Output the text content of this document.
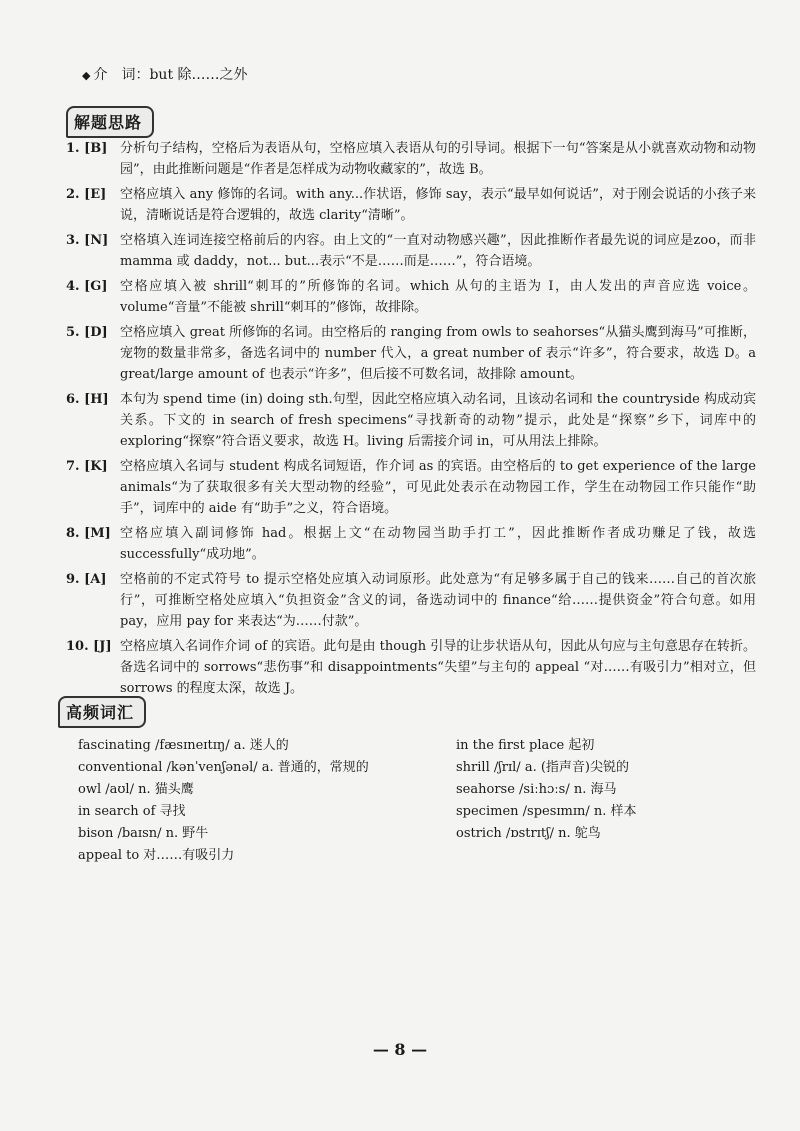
◆ 介　词：but 除……之外
解题思路
1. [B] 分析句子结构，空格后为表语从句，空格应填入表语从句的引导词。根据下一句“答案是从小就喜欢动物和动物园”，由此推断问题是“作者是怎样成为动物收藏家的”，故选 B。
2. [E]	空格应填入 any 修饰的名词。with any...作状语，修饰 say，表示“最早如何说话”，对于刚会说话的小孩子来说，清晰说话是符合逻辑的，故选 clarity“清晰”。
3. [N] 空格填入连词连接空格前后的内容。由上文的“一直对动物感兴趣”，因此推断作者最先说的词应是zoo，而非 mamma 或 daddy，not... but...表示“不是……而是……”，符合语境。
4. [G] 空格应填入被 shrill“刺耳的”所修饰的名词。which 从句的主语为 I，由人发出的声音应选 voice。volume“音量”不能被 shrill“刺耳的”修饰，故排除。
5. [D] 空格应填入 great 所修饰的名词。由空格后的 ranging from owls to seahorses“从猫头鹰到海马”可推断，宠物的数量非常多，备选名词中的 number 代入，a great number of 表示“许多”，符合要求，故选 D。a great/large amount of 也表示“许多”，但后接不可数名词，故排除 amount。
6. [H] 本句为 spend time (in) doing sth.句型，因此空格应填入动名词，且该动名词和 the countryside 构成动宾关系。下文的 in search of fresh specimens“寻找新奇的动物”提示，此处是“探察”乡下，词库中的 exploring“探察”符合语义要求，故选 H。living 后需接介词 in，可从用法上排除。
7. [K] 空格应填入名词与 student 构成名词短语，作介词 as 的宾语。由空格后的 to get experience of the large animals“为了获取很多有关大型动物的经验”，可见此处表示在动物园工作，学生在动物园工作只能作“助手”，词库中的 aide 有“助手”之义，符合语境。
8. [M] 空格应填入副词修饰 had。根据上文“在动物园当助手打工”，因此推断作者成功赚足了钱，故选 successfully“成功地”。
9. [A]	空格前的不定式符号 to 提示空格处应填入动词原形。此处意为“有足够多属于自己的钱来……自己的首次旅行”，可推断空格处应填入“负担资金”含义的词，备选动词中的 finance“给……提供资金”符合句意。如用 pay，应用 pay for 来表达“为……付款”。
10. [J] 空格应填入名词作介词 of 的宾语。此句是由 though 引导的让步状语从句，因此从句应与主句意思存在转折。备选名词中的 sorrows“悲伤事”和 disappointments“失望”与主句的 appeal “对……有吸引力”相对立，但 sorrows 的程度太深，故选 J。
高频词汇
fascinating /fæsɪneɪtɪŋ/ a. 迷人的
conventional /kənˈvenʃənəl/ a. 普通的，常规的
owl /aʊl/ n. 猫头鹰
in search of 寻找
bison /baɪsn/ n. 野牛
appeal to 对……有吸引力
in the first place 起初
shrill /ʃrɪl/ a. (指声音)尖锐的
seahorse /siːhɔːs/ n. 海马
specimen /spesɪmɪn/ n. 样本
ostrich /ɒstrɪtʃ/ n. 鸵鸟
— 8 —
